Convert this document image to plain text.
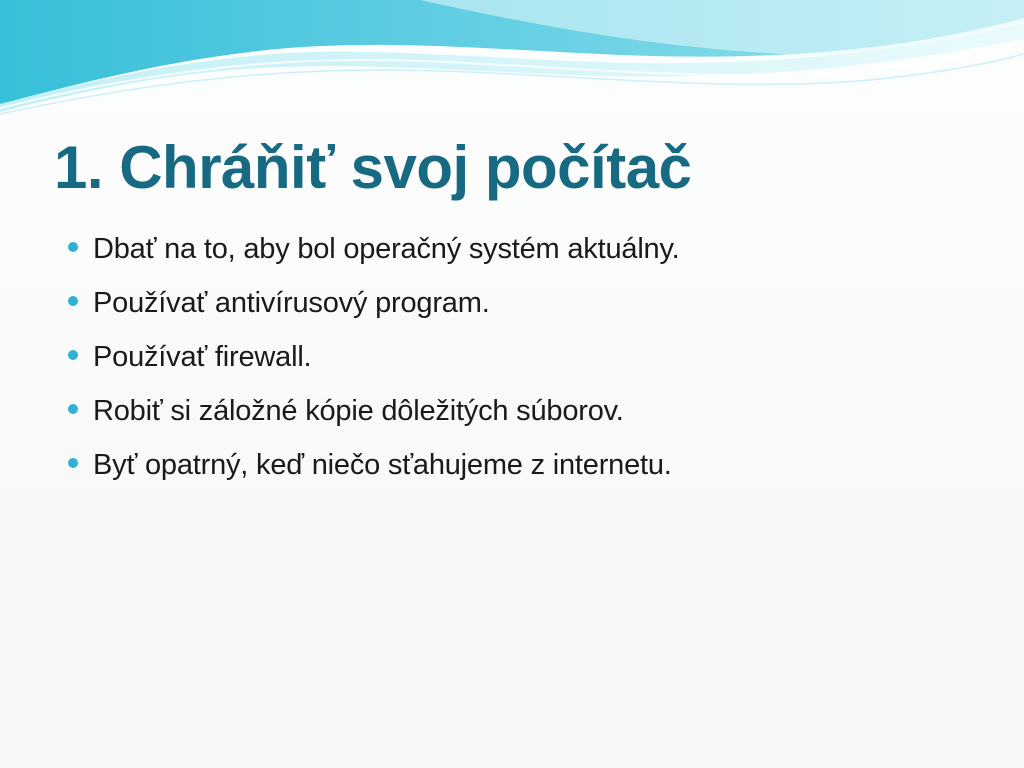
1. Chráňiť svoj počítač
Dbať na to, aby bol operačný systém aktuálny.
Používať antivírusový program.
Používať firewall.
Robiť si záložné kópie dôležitých súborov.
Byť opatrný, keď niečo sťahujeme z internetu.
